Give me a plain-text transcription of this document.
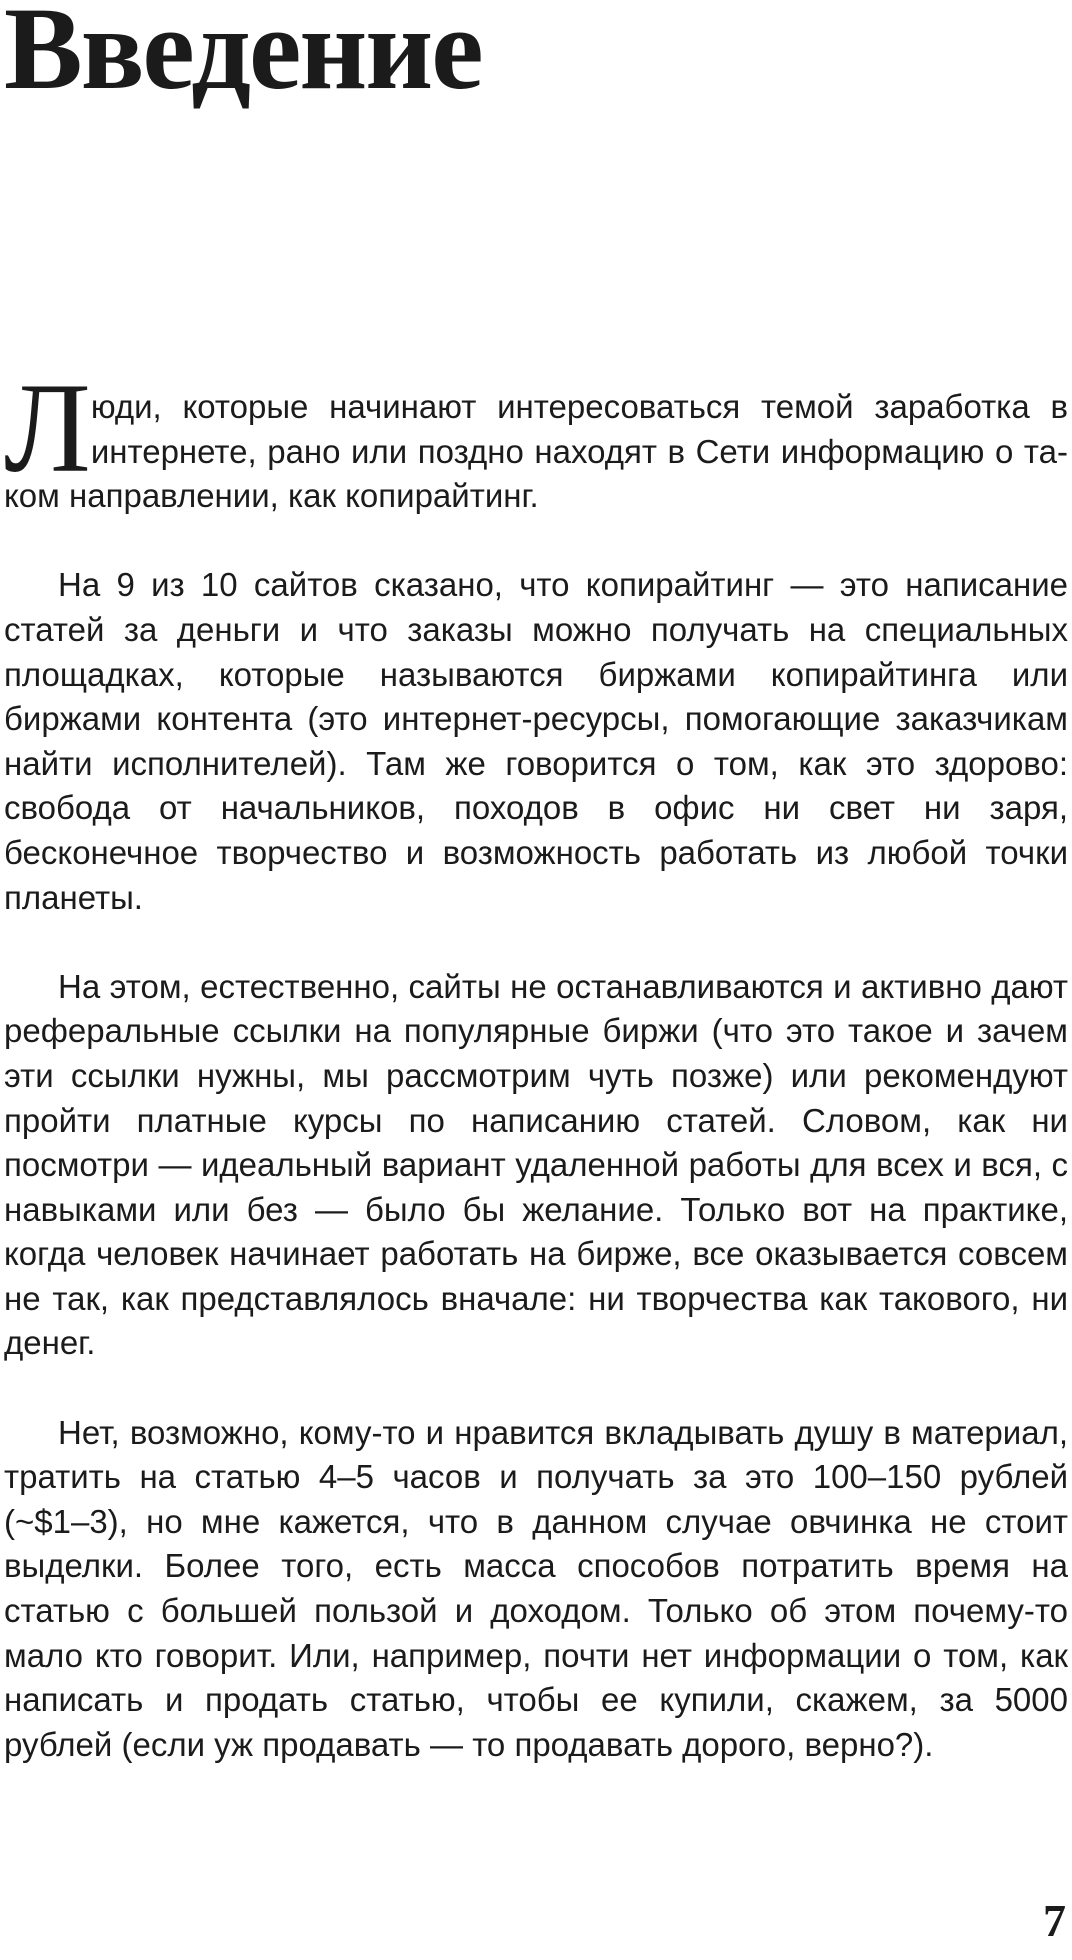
Введение

Люди, которые начинают интересоваться темой заработка в интернете, рано или поздно находят в Сети информацию о таком направлении, как копирайтинг.

На 9 из 10 сайтов сказано, что копирайтинг — это написание статей за деньги и что заказы можно получать на специальных площадках, которые называются биржами копирайтинга или биржами контента (это интернет-ресурсы, помогающие заказчикам найти исполнителей). Там же говорится о том, как это здорово: свобода от начальников, походов в офис ни свет ни заря, бесконечное творчество и возможность работать из любой точки планеты.

На этом, естественно, сайты не останавливаются и активно дают реферальные ссылки на популярные биржи (что это такое и зачем эти ссылки нужны, мы рассмотрим чуть позже) или рекомендуют пройти платные курсы по написанию статей. Словом, как ни посмотри — идеальный вариант удаленной работы для всех и вся, с навыками или без — было бы желание. Только вот на практике, когда человек начинает работать на бирже, все оказывается совсем не так, как представлялось вначале: ни творчества как такового, ни денег.

Нет, возможно, кому-то и нравится вкладывать душу в материал, тратить на статью 4–5 часов и получать за это 100–150 рублей (~$1–3), но мне кажется, что в данном случае овчинка не стоит выделки. Более того, есть масса способов потратить время на статью с большей пользой и доходом. Только об этом почему-то мало кто говорит. Или, например, почти нет информации о том, как написать и продать статью, чтобы ее купили, скажем, за 5000 рублей (если уж продавать — то продавать дорого, верно?).

7
